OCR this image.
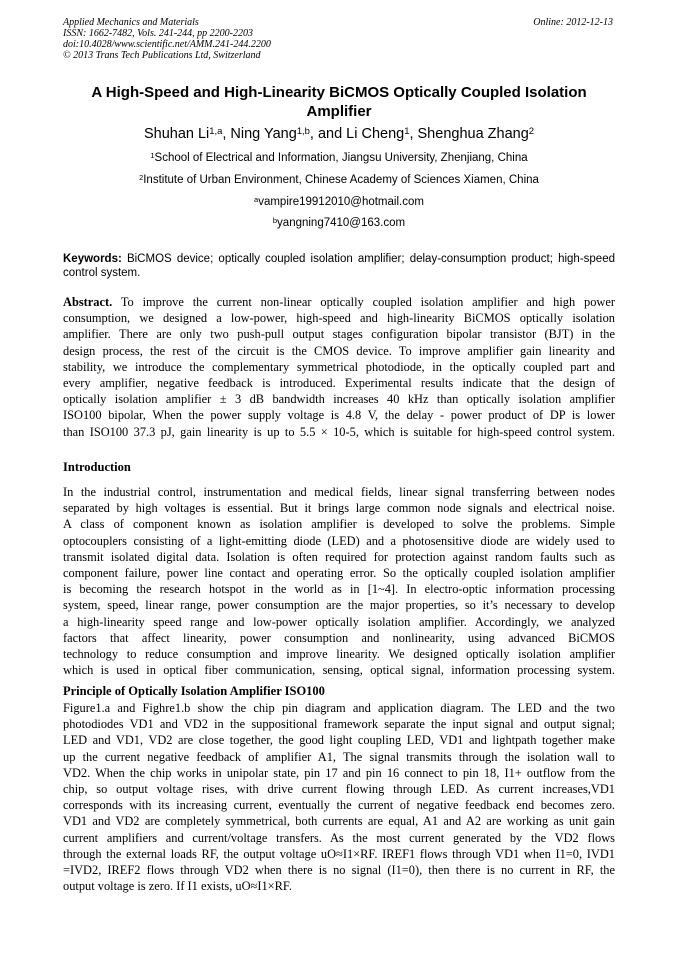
Applied Mechanics and Materials
ISSN: 1662-7482, Vols. 241-244, pp 2200-2203
doi:10.4028/www.scientific.net/AMM.241-244.2200
© 2013 Trans Tech Publications Ltd, Switzerland
Online: 2012-12-13
A High-Speed and High-Linearity BiCMOS Optically Coupled Isolation Amplifier
Shuhan Li$^{1,a}$, Ning Yang$^{1,b}$, and Li Cheng$^1$, Shenghua Zhang$^2$
$^1$School of Electrical and Information, Jiangsu University, Zhenjiang, China
$^2$Institute of Urban Environment, Chinese Academy of Sciences Xiamen, China
$^a$vampire19912010@hotmail.com
$^b$yangning7410@163.com
Keywords: BiCMOS device; optically coupled isolation amplifier; delay-consumption product; high-speed control system.
Abstract. To improve the current non-linear optically coupled isolation amplifier and high power
consumption, we designed a low-power, high-speed and high-linearity BiCMOS optically isolation
amplifier. There are only two push-pull output stages configuration bipolar transistor (BJT) in the
design process, the rest of the circuit is the CMOS device. To improve amplifier gain linearity and
stability, we introduce the complementary symmetrical photodiode, in the optically coupled part and
every amplifier, negative feedback is introduced. Experimental results indicate that the design of
optically isolation amplifier ± 3 dB bandwidth increases 40 kHz than optically isolation amplifier
ISO100 bipolar, When the power supply voltage is 4.8 V, the delay - power product of DP is lower
than ISO100 37.3 pJ, gain linearity is up to 5.5 × 10-5, which is suitable for high-speed control system.
Introduction
In the industrial control, instrumentation and medical fields, linear signal transferring between nodes
separated by high voltages is essential. But it brings large common node signals and electrical noise.
A class of component known as isolation amplifier is developed to solve the problems. Simple
optocouplers consisting of a light-emitting diode (LED) and a photosensitive diode are widely used to
transmit isolated digital data. Isolation is often required for protection against random faults such as
component failure, power line contact and operating error. So the optically coupled isolation amplifier
is becoming the research hotspot in the world as in [1~4]. In electro-optic information processing
system, speed, linear range, power consumption are the major properties, so it’s necessary to develop
a high-linearity speed range and low-power optically isolation amplifier. Accordingly, we analyzed
factors that affect linearity, power consumption and nonlinearity, using advanced BiCMOS
technology to reduce consumption and improve linearity. We designed optically isolation amplifier
which is used in optical fiber communication, sensing, optical signal, information processing system.
Principle of Optically Isolation Amplifier ISO100
Figure1.a and Fighre1.b show the chip pin diagram and application diagram. The LED and the two
photodiodes VD1 and VD2 in the suppositional framework separate the input signal and output signal;
LED and VD1, VD2 are close together, the good light coupling LED, VD1 and lightpath together make
up the current negative feedback of amplifier A1, The signal transmits through the isolation wall to
VD2. When the chip works in unipolar state, pin 17 and pin 16 connect to pin 18, I1+ outflow from the
chip, so output voltage rises, with drive current flowing through LED. As current increases,VD1
corresponds with its increasing current, eventually the current of negative feedback end becomes zero.
VD1 and VD2 are completely symmetrical, both currents are equal, A1 and A2 are working as unit gain
current amplifiers and current/voltage transfers. As the most current generated by the VD2 flows
through the external loads RF, the output voltage uO≈I1×RF. IREF1 flows through VD1 when I1=0, IVD1
=IVD2, IREF2 flows through VD2 when there is no signal (I1=0), then there is no current in RF, the
output voltage is zero. If I1 exists, uO≈I1×RF.
